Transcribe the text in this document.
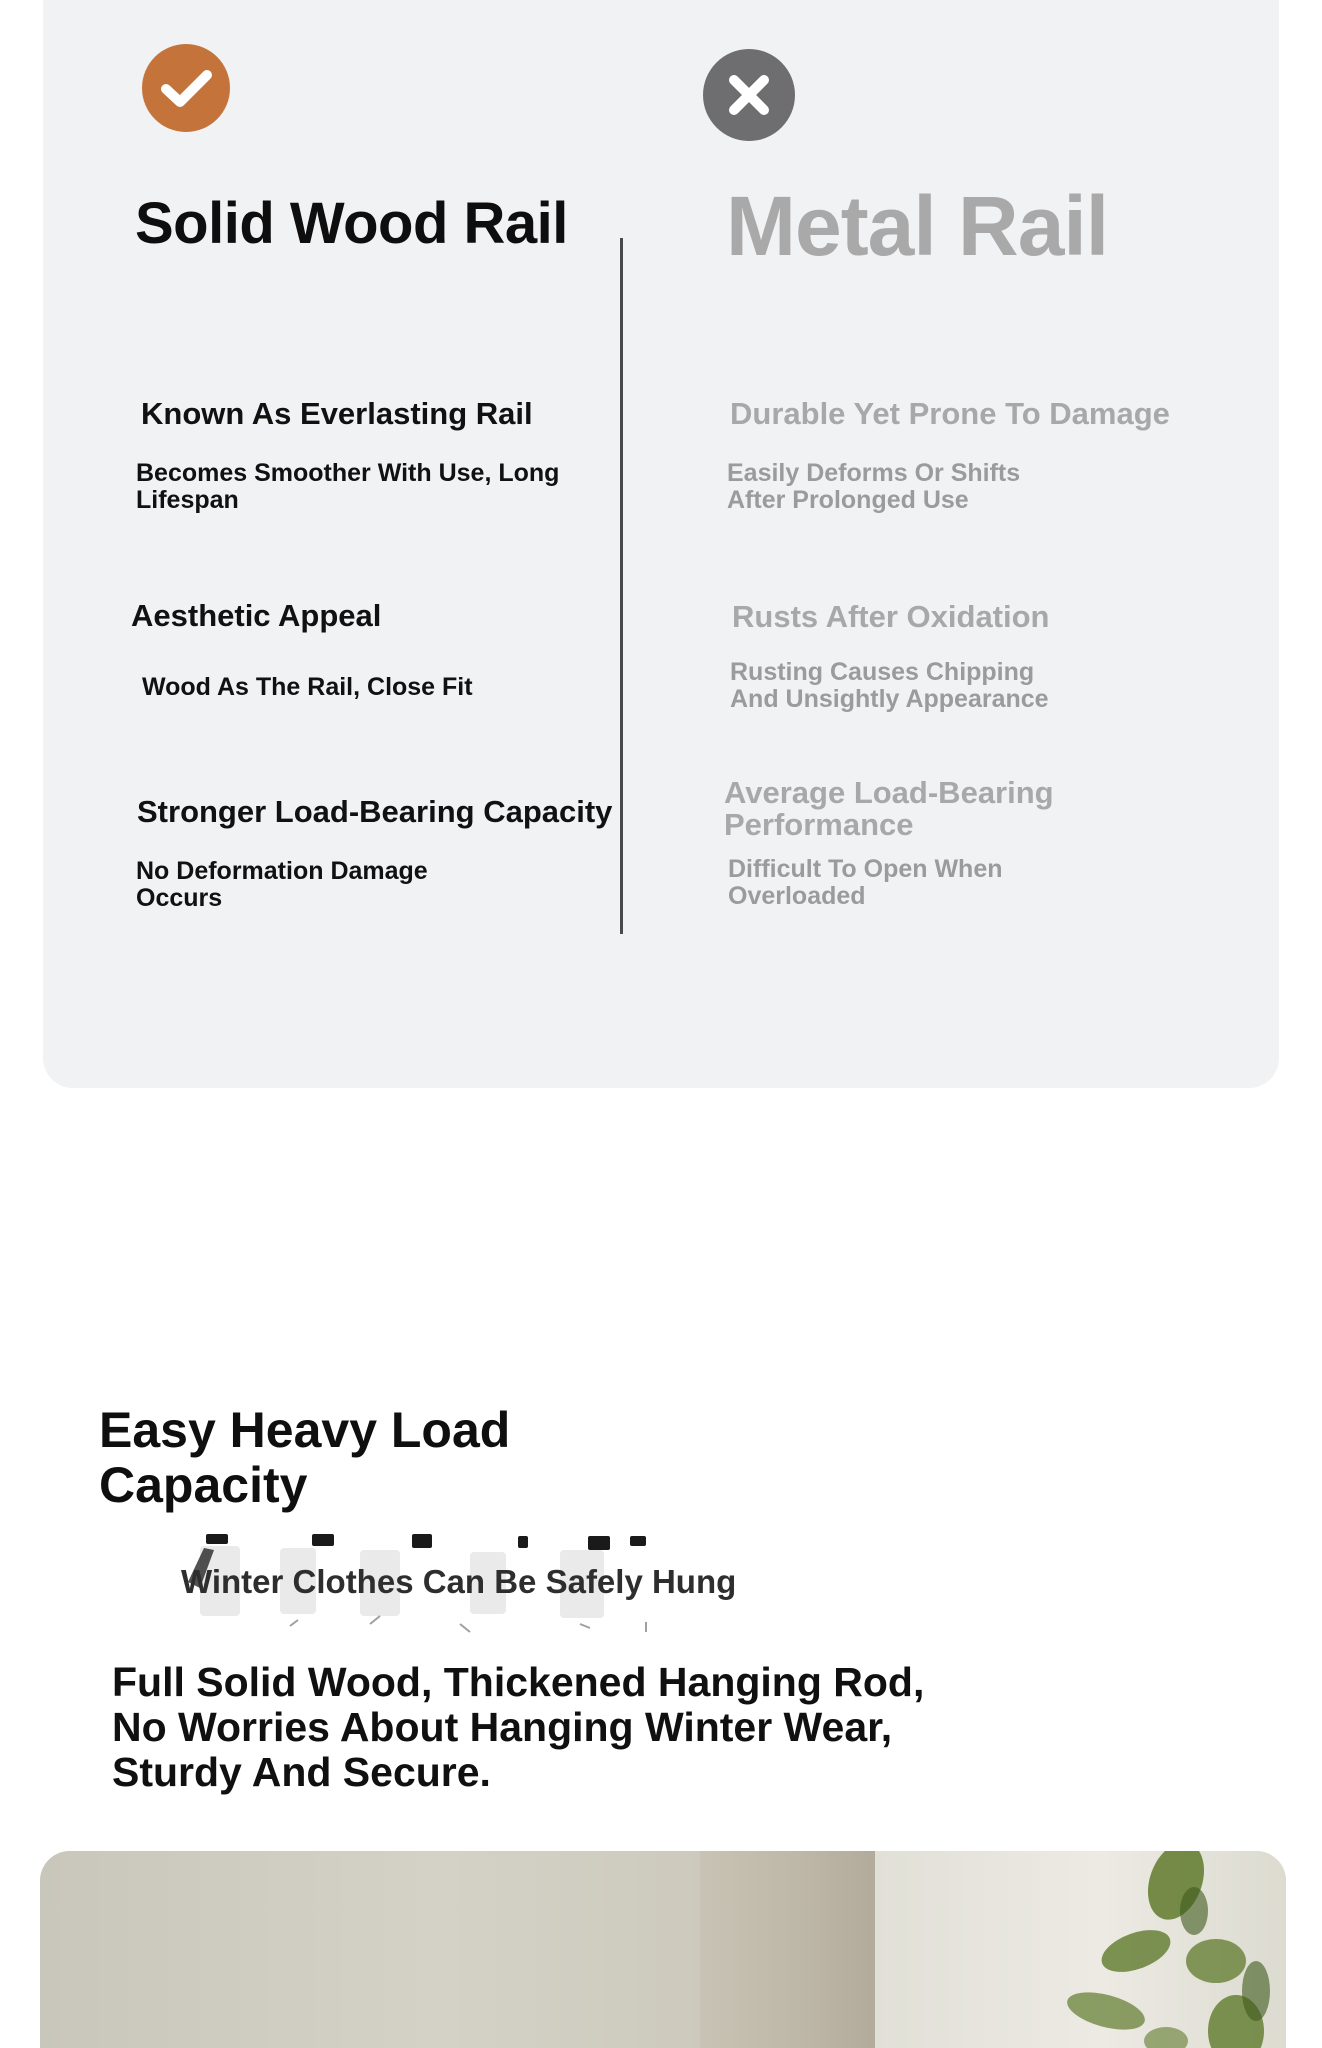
Solid Wood Rail Metal Rail
Known As Everlasting Rail
Becomes Smoother With Use, Long Lifespan
Aesthetic Appeal
Wood As The Rail, Close Fit
Stronger Load-Bearing Capacity
No Deformation Damage Occurs
Durable Yet Prone To Damage
Easily Deforms Or Shifts After Prolonged Use
Rusts After Oxidation
Rusting Causes Chipping And Unsightly Appearance
Average Load-Bearing Performance
Difficult To Open When Overloaded
Easy Heavy Load Capacity
Winter Clothes Can Be Safely Hung
Full Solid Wood, Thickened Hanging Rod, No Worries About Hanging Winter Wear, Sturdy And Secure.
